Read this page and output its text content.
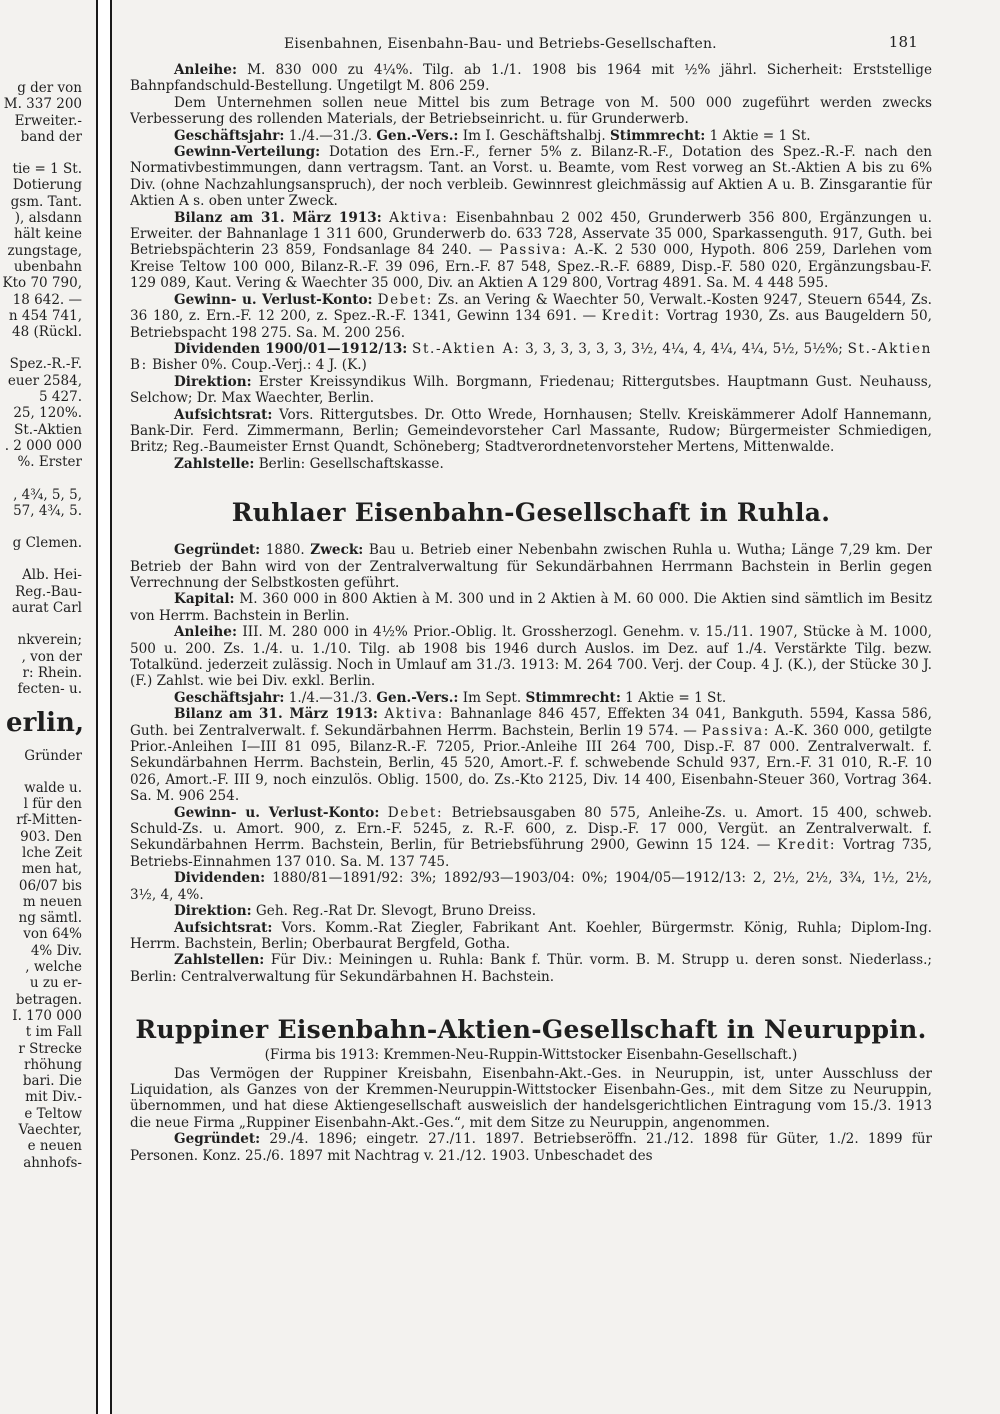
g der von
M. 337 200
Erweiter.-
band der
tie = 1 St.
Dotierung
gsm. Tant.
), alsdann
hält keine
zungstage,
ubenbahn
Kto 70 790,
18 642. —
n 454 741,
48 (Rückl.
Spez.-R.-F.
euer 2584,
5 427.
25, 120%.
St.-Aktien
. 2 000 000
%. Erster
, 4¾, 5, 5,
57, 4¾, 5.
g Clemen.
Alb. Hei-
Reg.-Bau-
aurat Carl
nkverein;
, von der
r: Rhein.
fecten- u.
erlin,
Gründer
walde u.
l für den
rf-Mitten-
903. Den
lche Zeit
men hat,
06/07 bis
m neuen
ng sämtl.
von 64%
4% Div.
, welche
u zu er-
betragen.
I. 170 000
t im Fall
r Strecke
rhöhung
bari. Die
mit Div.-
e Teltow
Vaechter,
e neuen
ahnhofs-
Eisenbahnen, Eisenbahn-Bau- und Betriebs-Gesellschaften.	181

Anleihe: M. 830 000 zu 4¼%. Tilg. ab 1./1. 1908 bis 1964 mit ½% jährl. Sicherheit: Erststellige Bahnpfandschuld-Bestellung. Ungetilgt M. 806 259.

Dem Unternehmen sollen neue Mittel bis zum Betrage von M. 500 000 zugeführt werden zwecks Verbesserung des rollenden Materials, der Betriebseinricht. u. für Grunderwerb.

Geschäftsjahr: 1./4.—31./3. Gen.-Vers.: Im I. Geschäftshalbj. Stimmrecht: 1 Aktie = 1 St.

Gewinn-Verteilung: Dotation des Ern.-F., ferner 5% z. Bilanz-R.-F., Dotation des Spez.-R.-F. nach den Normativbestimmungen, dann vertragsm. Tant. an Vorst. u. Beamte, vom Rest vorweg an St.-Aktien A bis zu 6% Div. (ohne Nachzahlungsanspruch), der noch verbleib. Gewinnrest gleichmässig auf Aktien A u. B. Zinsgarantie für Aktien A s. oben unter Zweck.

Bilanz am 31. März 1913: Aktiva: Eisenbahnbau 2 002 450, Grunderwerb 356 800, Ergänzungen u. Erweiter. der Bahnanlage 1 311 600, Grunderwerb do. 633 728, Asservate 35 000, Sparkassenguth. 917, Guth. bei Betriebspächterin 23 859, Fondsanlage 84 240. — Passiva: A.-K. 2 530 000, Hypoth. 806 259, Darlehen vom Kreise Teltow 100 000, Bilanz-R.-F. 39 096, Ern.-F. 87 548, Spez.-R.-F. 6889, Disp.-F. 580 020, Ergänzungsbau-F. 129 089, Kaut. Vering & Waechter 35 000, Div. an Aktien A 129 800, Vortrag 4891. Sa. M. 4 448 595.

Gewinn- u. Verlust-Konto: Debet: Zs. an Vering & Waechter 50, Verwalt.-Kosten 9247, Steuern 6544, Zs. 36 180, z. Ern.-F. 12 200, z. Spez.-R.-F. 1341, Gewinn 134 691. — Kredit: Vortrag 1930, Zs. aus Baugeldern 50, Betriebspacht 198 275. Sa. M. 200 256.

Dividenden 1900/01—1912/13: St.-Aktien A: 3, 3, 3, 3, 3, 3, 3½, 4¼, 4, 4¼, 4¼, 5½, 5½%; St.-Aktien B: Bisher 0%. Coup.-Verj.: 4 J. (K.)

Direktion: Erster Kreissyndikus Wilh. Borgmann, Friedenau; Rittergutsbes. Hauptmann Gust. Neuhauss, Selchow; Dr. Max Waechter, Berlin.

Aufsichtsrat: Vors. Rittergutsbes. Dr. Otto Wrede, Hornhausen; Stellv. Kreiskämmerer Adolf Hannemann, Bank-Dir. Ferd. Zimmermann, Berlin; Gemeindevorsteher Carl Massante, Rudow; Bürgermeister Schmiedigen, Britz; Reg.-Baumeister Ernst Quandt, Schöneberg; Stadtverordnetenvorsteher Mertens, Mittenwalde.

Zahlstelle: Berlin: Gesellschaftskasse.

Ruhlaer Eisenbahn-Gesellschaft in Ruhla.

Gegründet: 1880. Zweck: Bau u. Betrieb einer Nebenbahn zwischen Ruhla u. Wutha; Länge 7,29 km. Der Betrieb der Bahn wird von der Zentralverwaltung für Sekundärbahnen Herrmann Bachstein in Berlin gegen Verrechnung der Selbstkosten geführt.

Kapital: M. 360 000 in 800 Aktien à M. 300 und in 2 Aktien à M. 60 000. Die Aktien sind sämtlich im Besitz von Herrm. Bachstein in Berlin.

Anleihe: III. M. 280 000 in 4½% Prior.-Oblig. lt. Grossherzogl. Genehm. v. 15./11. 1907, Stücke à M. 1000, 500 u. 200. Zs. 1./4. u. 1./10. Tilg. ab 1908 bis 1946 durch Auslos. im Dez. auf 1./4. Verstärkte Tilg. bezw. Totalkünd. jederzeit zulässig. Noch in Umlauf am 31./3. 1913: M. 264 700. Verj. der Coup. 4 J. (K.), der Stücke 30 J. (F.) Zahlst. wie bei Div. exkl. Berlin.

Geschäftsjahr: 1./4.—31./3. Gen.-Vers.: Im Sept. Stimmrecht: 1 Aktie = 1 St.

Bilanz am 31. März 1913: Aktiva: Bahnanlage 846 457, Effekten 34 041, Bankguth. 5594, Kassa 586, Guth. bei Zentralverwalt. f. Sekundärbahnen Herrm. Bachstein, Berlin 19 574. — Passiva: A.-K. 360 000, getilgte Prior.-Anleihen I—III 81 095, Bilanz-R.-F. 7205, Prior.-Anleihe III 264 700, Disp.-F. 87 000. Zentralverwalt. f. Sekundärbahnen Herrm. Bachstein, Berlin, 45 520, Amort.-F. f. schwebende Schuld 937, Ern.-F. 31 010, R.-F. 10 026, Amort.-F. III 9, noch einzulös. Oblig. 1500, do. Zs.-Kto 2125, Div. 14 400, Eisenbahn-Steuer 360, Vortrag 364. Sa. M. 906 254.

Gewinn- u. Verlust-Konto: Debet: Betriebsausgaben 80 575, Anleihe-Zs. u. Amort. 15 400, schweb. Schuld-Zs. u. Amort. 900, z. Ern.-F. 5245, z. R.-F. 600, z. Disp.-F. 17 000, Vergüt. an Zentralverwalt. f. Sekundärbahnen Herrm. Bachstein, Berlin, für Betriebsführung 2900, Gewinn 15 124. — Kredit: Vortrag 735, Betriebs-Einnahmen 137 010. Sa. M. 137 745.

Dividenden: 1880/81—1891/92: 3%; 1892/93—1903/04: 0%; 1904/05—1912/13: 2, 2½, 2½, 3¾, 1½, 2½, 3½, 4, 4%.

Direktion: Geh. Reg.-Rat Dr. Slevogt, Bruno Dreiss.

Aufsichtsrat: Vors. Komm.-Rat Ziegler, Fabrikant Ant. Koehler, Bürgermstr. König, Ruhla; Diplom-Ing. Herrm. Bachstein, Berlin; Oberbaurat Bergfeld, Gotha.

Zahlstellen: Für Div.: Meiningen u. Ruhla: Bank f. Thür. vorm. B. M. Strupp u. deren sonst. Niederlass.; Berlin: Centralverwaltung für Sekundärbahnen H. Bachstein.

Ruppiner Eisenbahn-Aktien-Gesellschaft in Neuruppin.
(Firma bis 1913: Kremmen-Neu-Ruppin-Wittstocker Eisenbahn-Gesellschaft.)

Das Vermögen der Ruppiner Kreisbahn, Eisenbahn-Akt.-Ges. in Neuruppin, ist, unter Ausschluss der Liquidation, als Ganzes von der Kremmen-Neuruppin-Wittstocker Eisenbahn-Ges., mit dem Sitze zu Neuruppin, übernommen, und hat diese Aktiengesellschaft ausweislich der handelsgerichtlichen Eintragung vom 15./3. 1913 die neue Firma „Ruppiner Eisenbahn-Akt.-Ges.“, mit dem Sitze zu Neuruppin, angenommen.

Gegründet: 29./4. 1896; eingetr. 27./11. 1897. Betriebseröffn. 21./12. 1898 für Güter, 1./2. 1899 für Personen. Konz. 25./6. 1897 mit Nachtrag v. 21./12. 1903. Unbeschadet des
